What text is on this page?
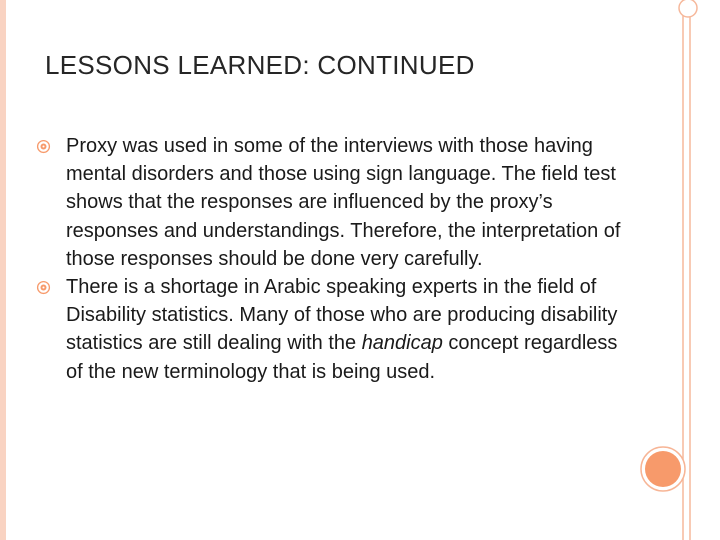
LESSONS LEARNED: CONTINUED
Proxy was used in some of the interviews with those having mental disorders and those using sign language. The field test shows that the responses are influenced by the proxy’s responses and understandings. Therefore, the interpretation of those responses should be done very carefully.
There is a shortage in Arabic speaking experts in the field of Disability statistics. Many of those who are producing disability statistics are still dealing with the handicap concept regardless of the new terminology that is being used.
